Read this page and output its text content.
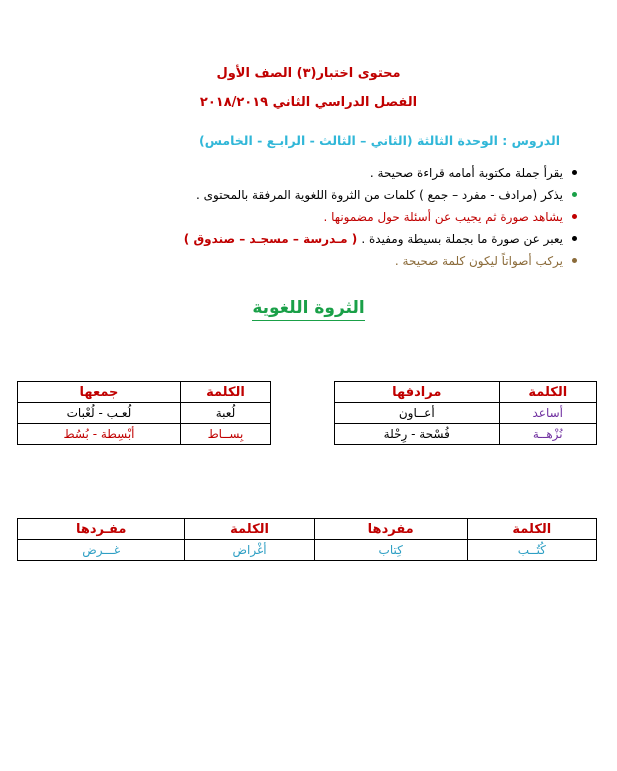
محتوى اختبار(٣) الصف الأول
الفصل الدراسي الثاني ٢٠١٨/٢٠١٩
الدروس : الوحدة الثالثة (الثاني – الثالث - الرابـع - الخامس)
يقرأ جملة مكتوبة أمامه قراءة صحيحة .
يذكر (مرادف - مفرد – جمع ) كلمات من الثروة اللغوية المرفقة بالمحتوى .
يشاهد صورة ثم يجيب عن أسئلة حول مضمونها .
يعبر عن صورة ما بجملة بسيطة ومفيدة . ( مـدرسة – مسجـد – صندوق )
يركب أصواتاً ليكون كلمة صحيحة .
الثروة اللغوية
الكلمة	مرادفها
أساعد	أعــاون
نُزْهــة	فُسْحة - رِحْلة
الكلمة	جمعها
لُعبة	لُعـب - لُعْبات
بِســاط	أبْسِطة - بُسُط
الكلمة	مفردها	الكلمة	مفـردها
كُتُــب	كِتاب	أغْراض	غـــرض
